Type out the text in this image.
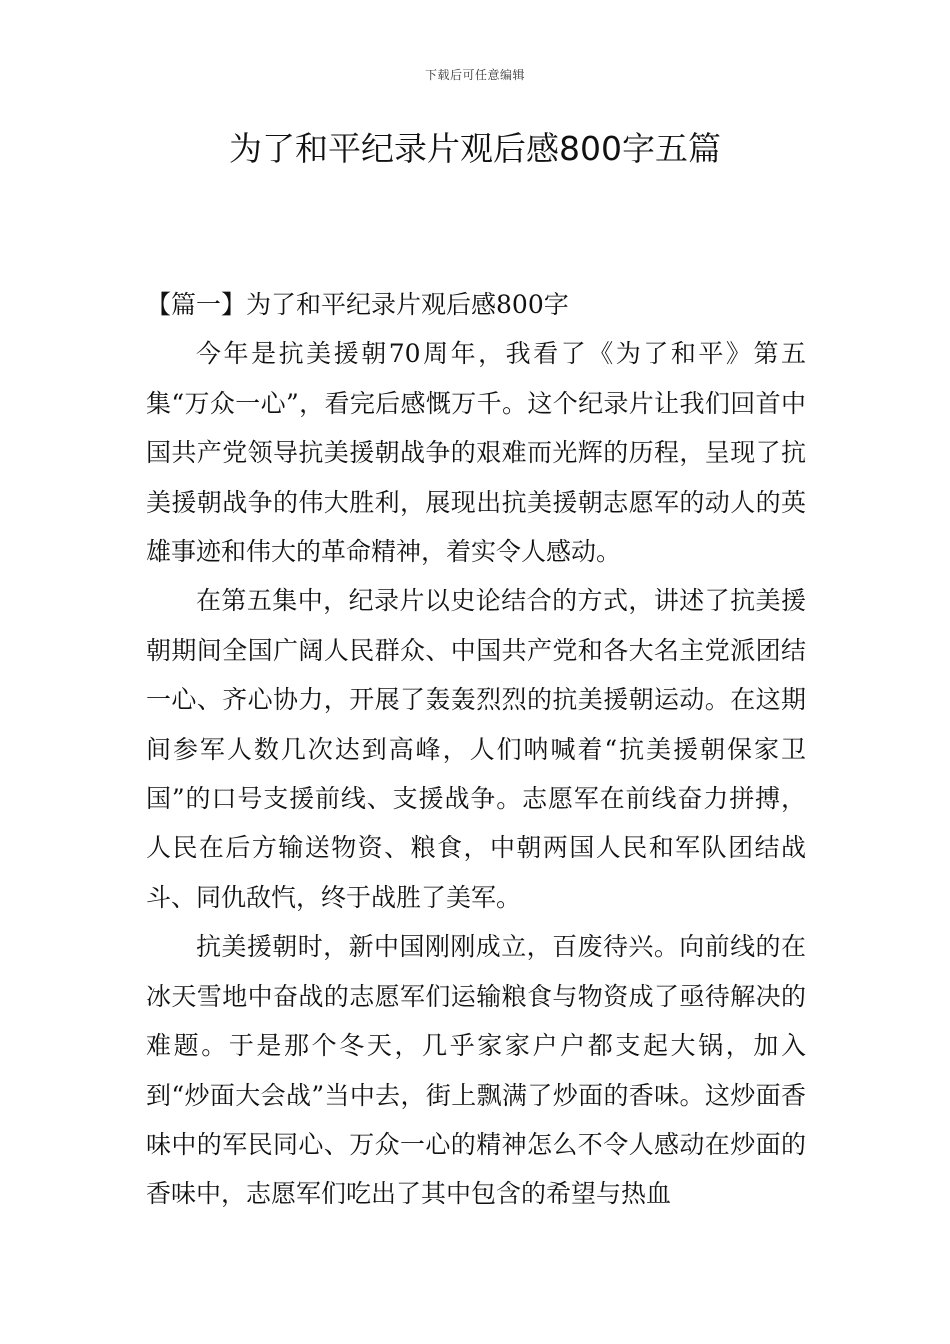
下载后可任意编辑
为了和平纪录片观后感800字五篇
【篇一】为了和平纪录片观后感800字

今年是抗美援朝70周年，我看了《为了和平》第五集“万众一心”，看完后感慨万千。这个纪录片让我们回首中国共产党领导抗美援朝战争的艰难而光辉的历程，呈现了抗美援朝战争的伟大胜利，展现出抗美援朝志愿军的动人的英雄事迹和伟大的革命精神，着实令人感动。

在第五集中，纪录片以史论结合的方式，讲述了抗美援朝期间全国广阔人民群众、中国共产党和各大名主党派团结一心、齐心协力，开展了轰轰烈烈的抗美援朝运动。在这期间参军人数几次达到高峰，人们呐喊着“抗美援朝保家卫国”的口号支援前线、支援战争。志愿军在前线奋力拼搏，人民在后方输送物资、粮食，中朝两国人民和军队团结战斗、同仇敌忾，终于战胜了美军。

抗美援朝时，新中国刚刚成立，百废待兴。向前线的在冰天雪地中奋战的志愿军们运输粮食与物资成了亟待解决的难题。于是那个冬天，几乎家家户户都支起大锅，加入到“炒面大会战”当中去，街上飘满了炒面的香味。这炒面香味中的军民同心、万众一心的精神怎么不令人感动在炒面的香味中，志愿军们吃出了其中包含的希望与热血
